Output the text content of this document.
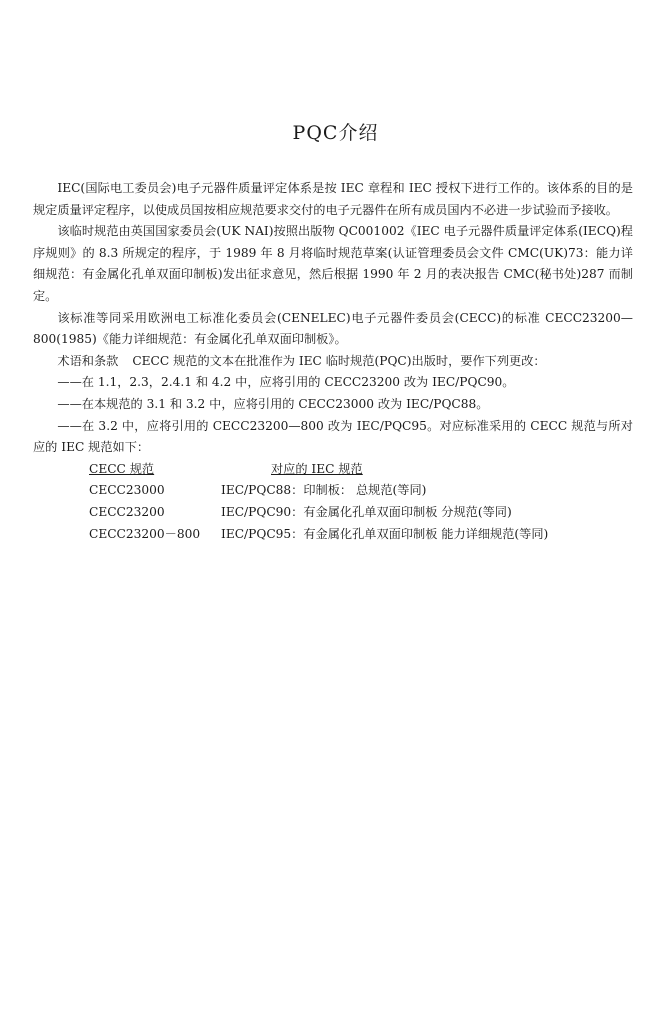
PQC介绍

IEC(国际电工委员会)电子元器件质量评定体系是按 IEC 章程和 IEC 授权下进行工作的。该体系的目的是规定质量评定程序，以使成员国按相应规范要求交付的电子元器件在所有成员国内不必进一步试验而予接收。

该临时规范由英国国家委员会(UK NAI)按照出版物 QC001002《IEC 电子元器件质量评定体系(IECQ)程序规则》的 8.3 所规定的程序，于 1989 年 8 月将临时规范草案(认证管理委员会文件 CMC(UK)73：能力详细规范：有金属化孔单双面印制板)发出征求意见，然后根据 1990 年 2 月的表决报告 CMC(秘书处)287 而制定。

该标准等同采用欧洲电工标准化委员会(CENELEC)电子元器件委员会(CECC)的标准 CECC23200—800(1985)《能力详细规范：有金属化孔单双面印制板》。

术语和条款 CECC 规范的文本在批准作为 IEC 临时规范(PQC)出版时，要作下列更改：

——在 1.1，2.3，2.4.1 和 4.2 中，应将引用的 CECC23200 改为 IEC/PQC90。

——在本规范的 3.1 和 3.2 中，应将引用的 CECC23000 改为 IEC/PQC88。

——在 3.2 中，应将引用的 CECC23200—800 改为 IEC/PQC95。对应标准采用的 CECC 规范与所对应的 IEC 规范如下：

CECC 规范	对应的 IEC 规范
CECC23000	IEC/PQC88：印制板： 总规范(等同)
CECC23200	IEC/PQC90：有金属化孔单双面印制板 分规范(等同)
CECC23200－800	IEC/PQC95：有金属化孔单双面印制板 能力详细规范(等同)
